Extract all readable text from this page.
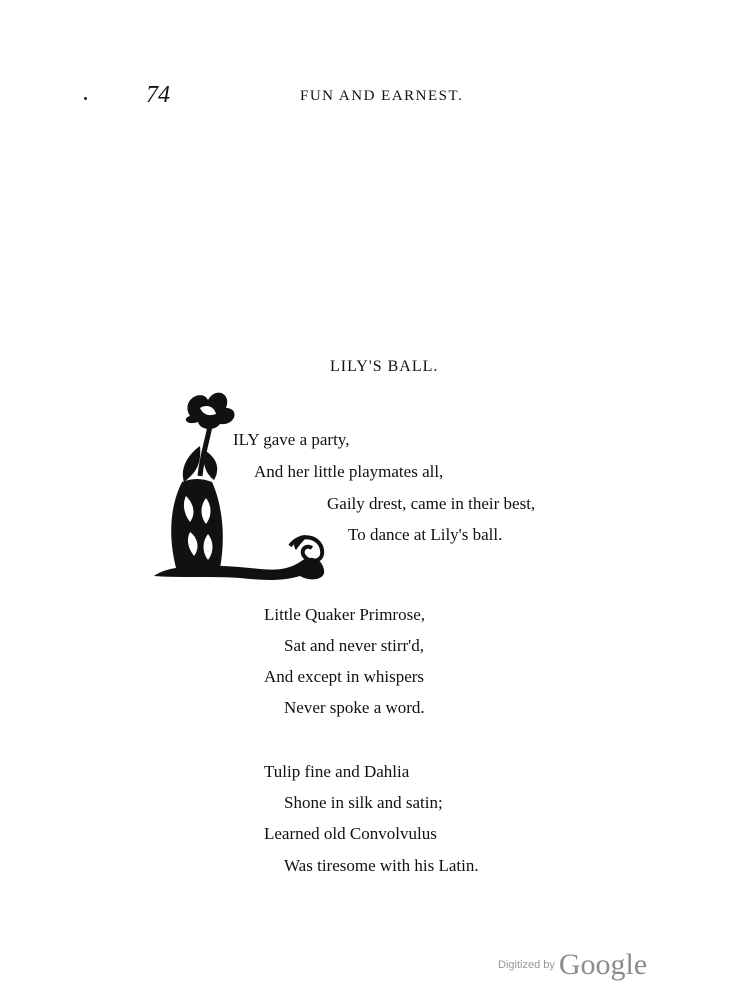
74	FUN AND EARNEST.
LILY'S BALL.
ILY gave a party,
And her little playmates all,
Gaily drest, came in their best,
To dance at Lily's ball.
Little Quaker Primrose,
Sat and never stirr'd,
And except in whispers
Never spoke a word.
Tulip fine and Dahlia
Shone in silk and satin;
Learned old Convolvulus
Was tiresome with his Latin.
Digitized by Google
